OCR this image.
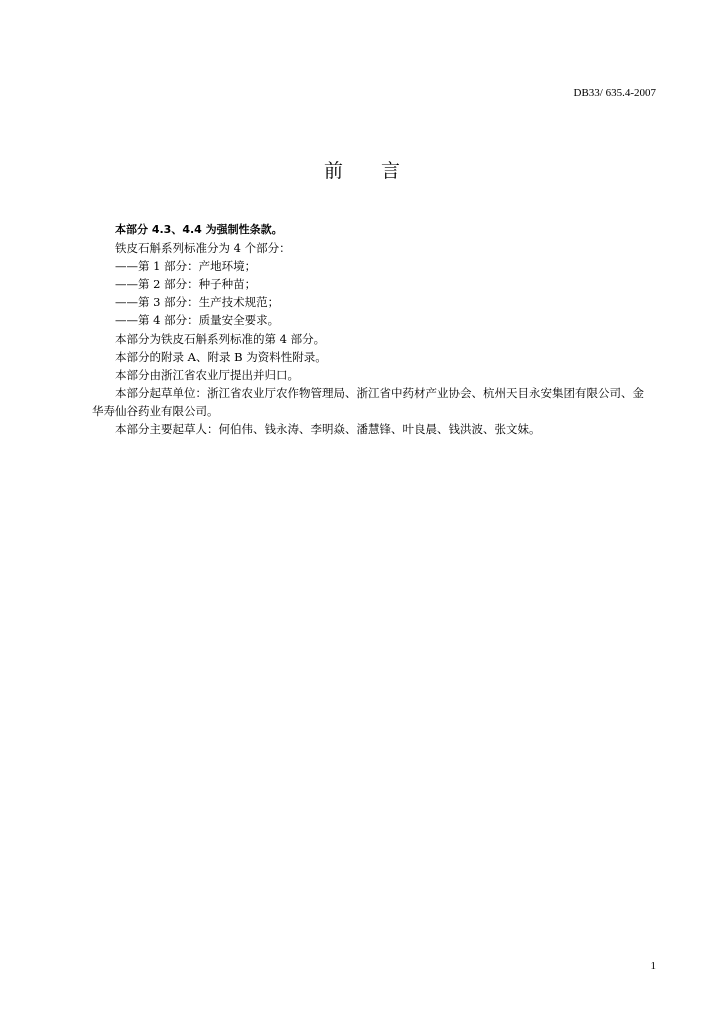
DB33/ 635.4-2007
前　　言

本部分 4.3、4.4 为强制性条款。

铁皮石斛系列标准分为 4 个部分：

——第 1 部分：产地环境；

——第 2 部分：种子种苗；

——第 3 部分：生产技术规范；

——第 4 部分：质量安全要求。

本部分为铁皮石斛系列标准的第 4 部分。

本部分的附录 A、附录 B 为资料性附录。

本部分由浙江省农业厅提出并归口。

本部分起草单位：浙江省农业厅农作物管理局、浙江省中药材产业协会、杭州天目永安集团有限公司、金华寿仙谷药业有限公司。

本部分主要起草人：何伯伟、钱永涛、李明焱、潘慧锋、叶良晨、钱洪波、张文妹。

1
